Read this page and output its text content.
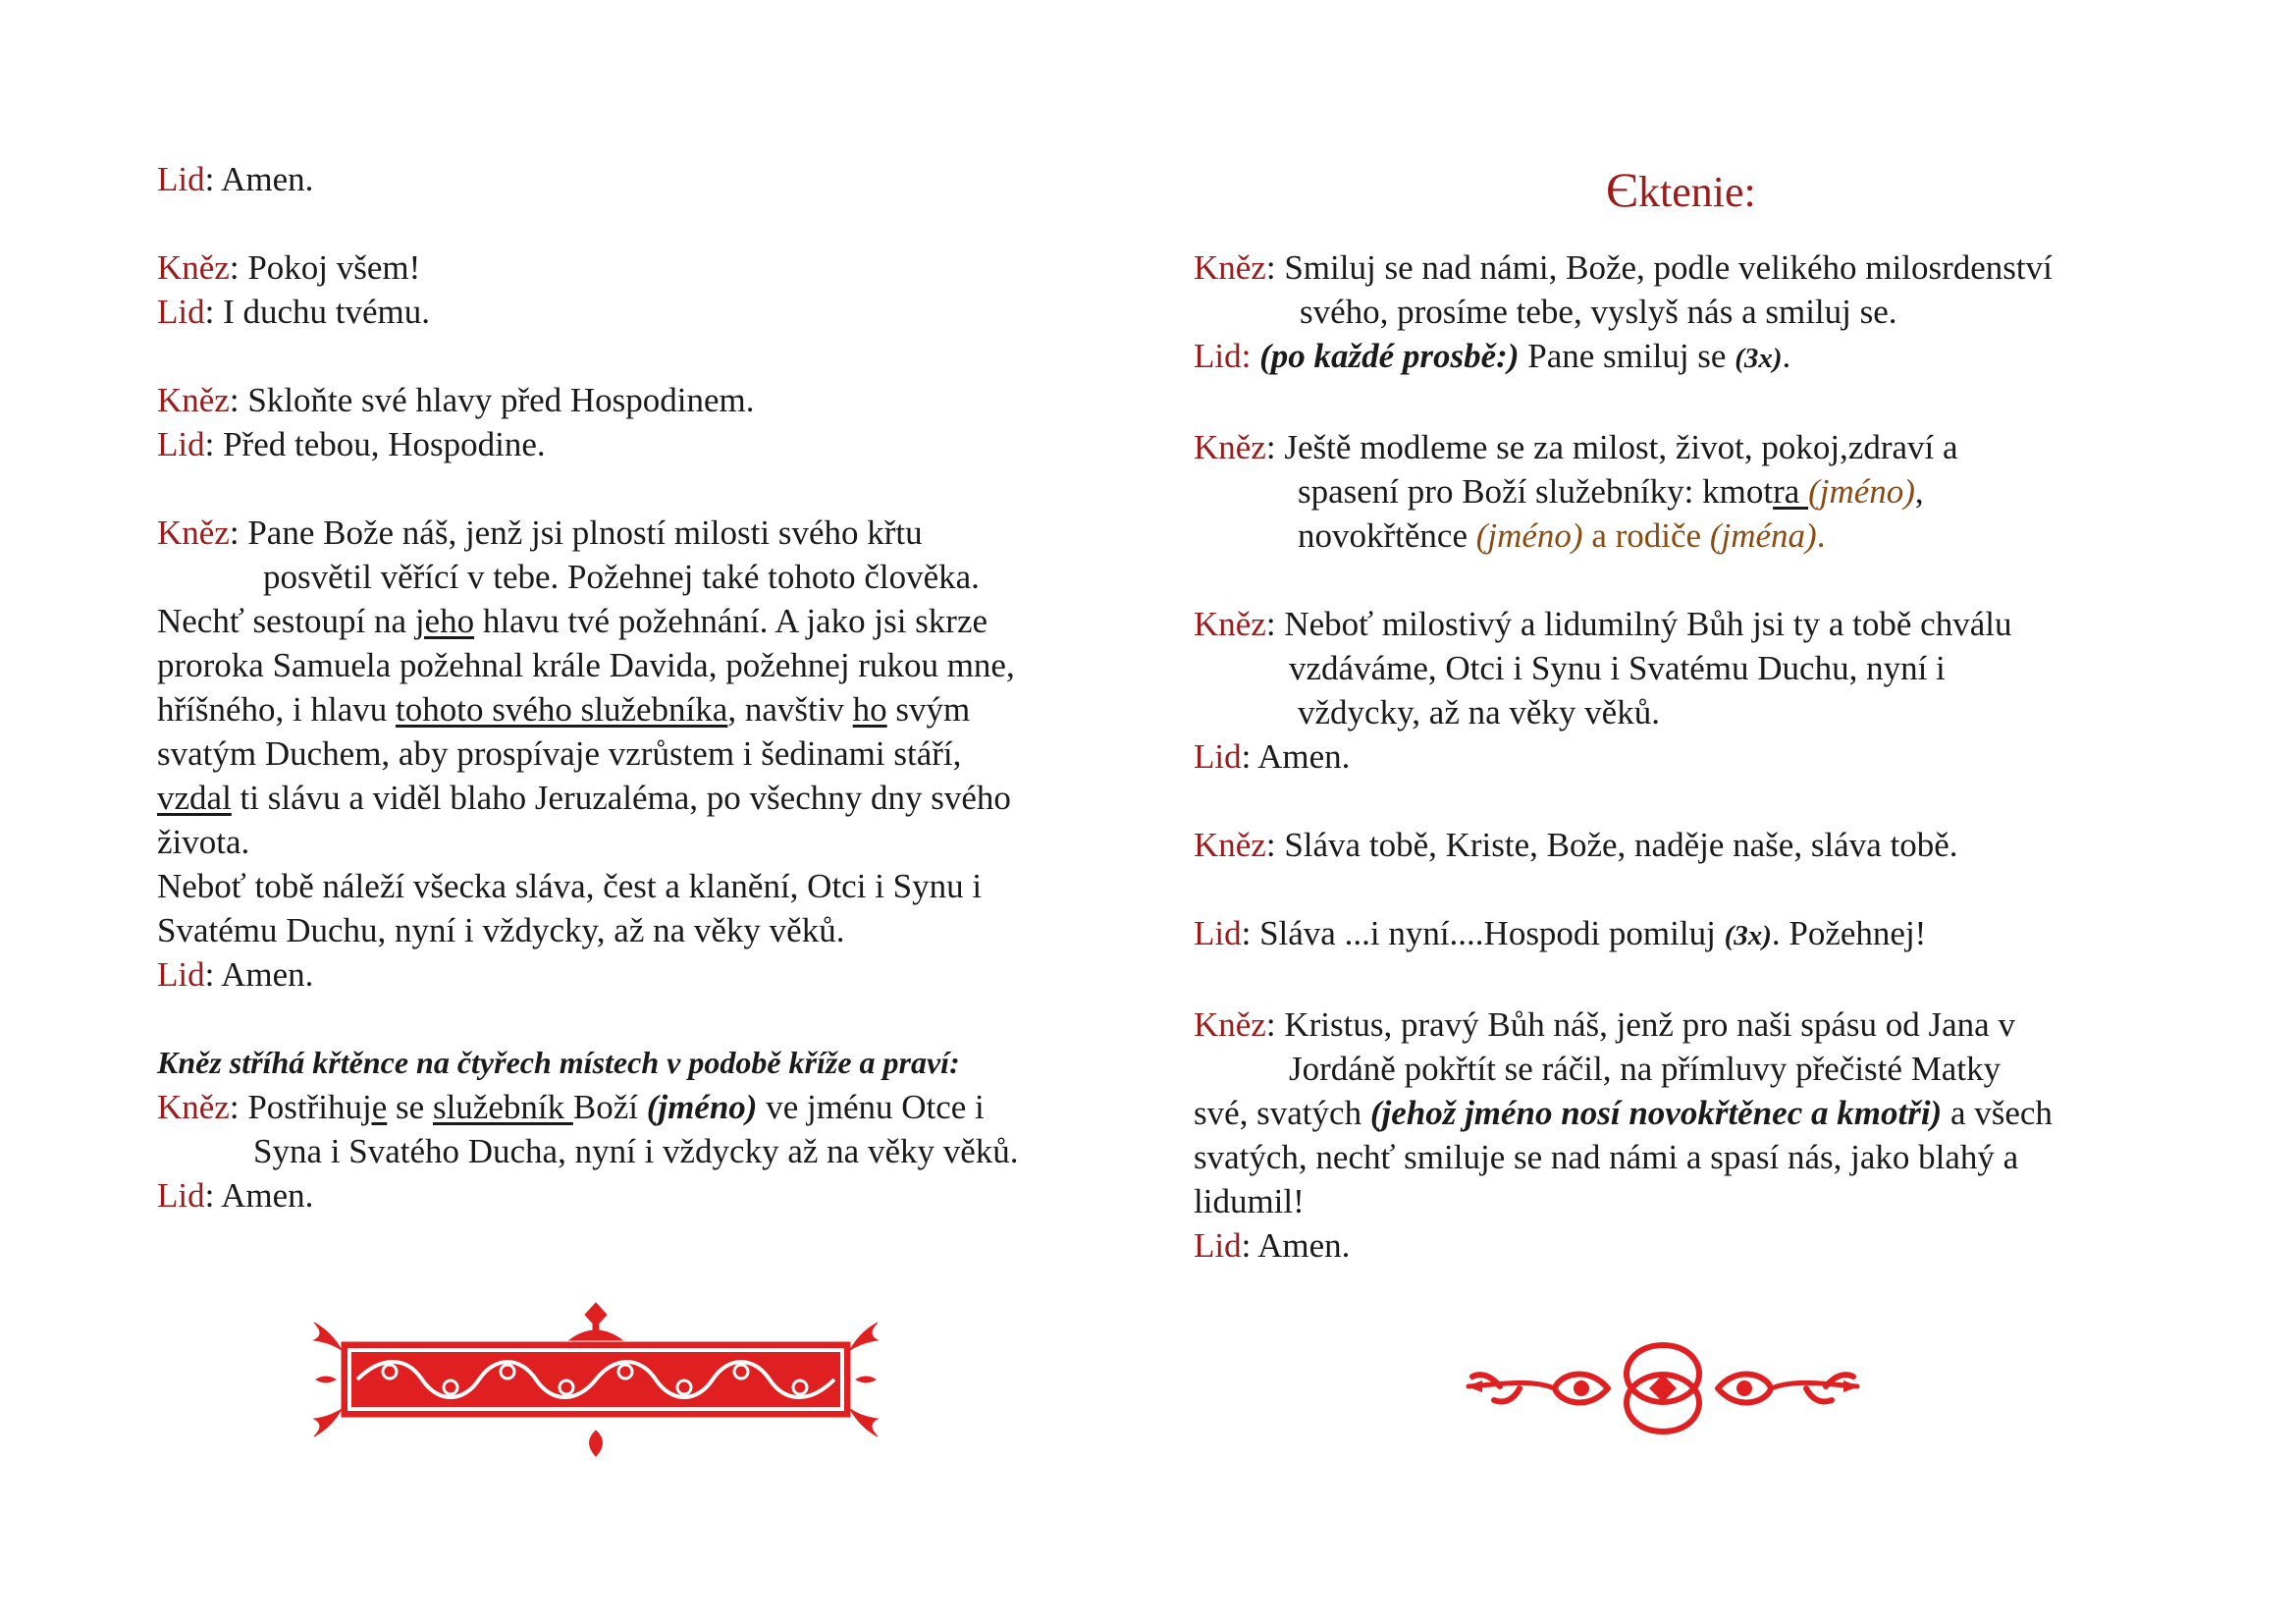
Lid: Amen.
Kněz: Pokoj všem!
Lid: I duchu tvému.
Kněz: Skloňte své hlavy před Hospodinem.
Lid: Před tebou, Hospodine.
Kněz: Pane Bože náš, jenž jsi plností milosti svého křtu
posvětil věřící v tebe. Požehnej také tohoto člověka.
Nechť sestoupí na jeho hlavu tvé požehnání. A jako jsi skrze
proroka Samuela požehnal krále Davida, požehnej rukou mne,
hříšného, i hlavu tohoto svého služebníka, navštiv ho svým
svatým Duchem, aby prospívaje vzrůstem i šedinami stáří,
vzdal ti slávu a viděl blaho Jeruzaléma, po všechny dny svého
života.
Neboť tobě náleží všecka sláva, čest a klanění, Otci i Synu i
Svatému Duchu, nyní i vždycky, až na věky věků.
Lid: Amen.
Kněz stříhá křtěnce na čtyřech místech v podobě kříže a praví:
Kněz: Postřihuje se služebník Boží (jméno) ve jménu Otce i
Syna i Svatého Ducha, nyní i vždycky až na věky věků.
Lid: Amen.
Єktenie:
Kněz: Smiluj se nad námi, Bože, podle velikého milosrdenství
svého, prosíme tebe, vyslyš nás a smiluj se.
Lid: (po každé prosbě:) Pane smiluj se (3x).
Kněz: Ještě modleme se za milost, život, pokoj,zdraví a
spasení pro Boží služebníky: kmotra (jméno),
novokřtěnce (jméno) a rodiče (jména).
Kněz: Neboť milostivý a lidumilný Bůh jsi ty a tobě chválu
vzdáváme, Otci i Synu i Svatému Duchu, nyní i
vždycky, až na věky věků.
Lid: Amen.
Kněz: Sláva tobě, Kriste, Bože, naděje naše, sláva tobě.
Lid: Sláva ...i nyní....Hospodi pomiluj (3x). Požehnej!
Kněz: Kristus, pravý Bůh náš, jenž pro naši spásu od Jana v
Jordáně pokřtít se ráčil, na přímluvy přečisté Matky
své, svatých (jehož jméno nosí novokřtěnec a kmotři) a všech
svatých, nechť smiluje se nad námi a spasí nás, jako blahý a
lidumil!
Lid: Amen.
